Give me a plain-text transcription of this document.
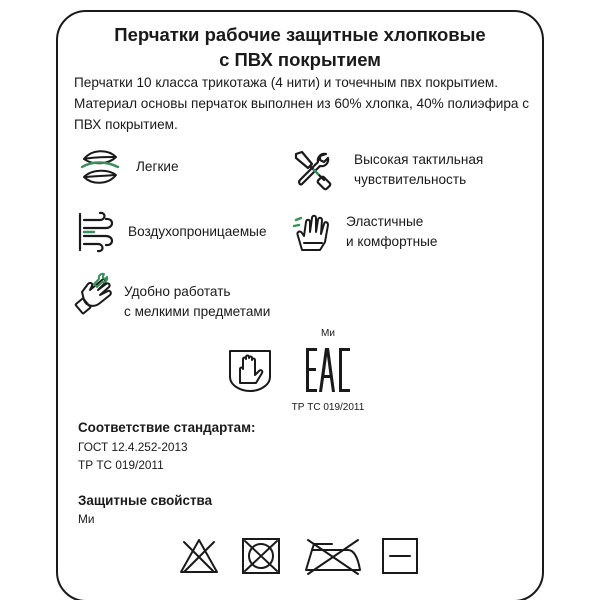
Перчатки рабочие защитные хлопковые
с ПВХ покрытием
Перчатки 10 класса трикотажа (4 нити) и точечным пвх покрытием. Материал основы перчаток выполнен из 60% хлопка, 40% полиэфира с ПВХ покрытием.
Легкие	Высокая тактильная
чувствительность
Воздухопроницаемые
Эластичные
и комфортные
Удобно работать
с мелкими предметами
Ми
ТР ТС 019/2011
Соответствие стандартам:
ГОСТ 12.4.252-2013
ТР ТС 019/2011
Защитные свойства
Ми
